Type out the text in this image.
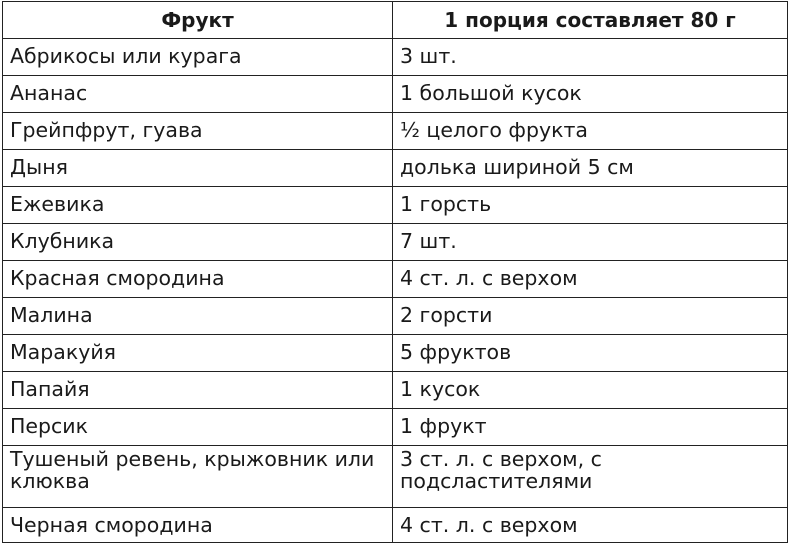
Фрукт	1 порция составляет 80 г
Абрикосы или курага	3 шт.
Ананас	1 большой кусок
Грейпфрут, гуава	½ целого фрукта
Дыня	долька шириной 5 см
Ежевика	1 горсть
Клубника	7 шт.
Красная смородина	4 ст. л. с верхом
Малина	2 горсти
Маракуйя	5 фруктов
Папайя	1 кусок
Персик	1 фрукт
Тушеный ревень, крыжовник или клюква	3 ст. л. с верхом, с подсластителями
Черная смородина	4 ст. л. с верхом
